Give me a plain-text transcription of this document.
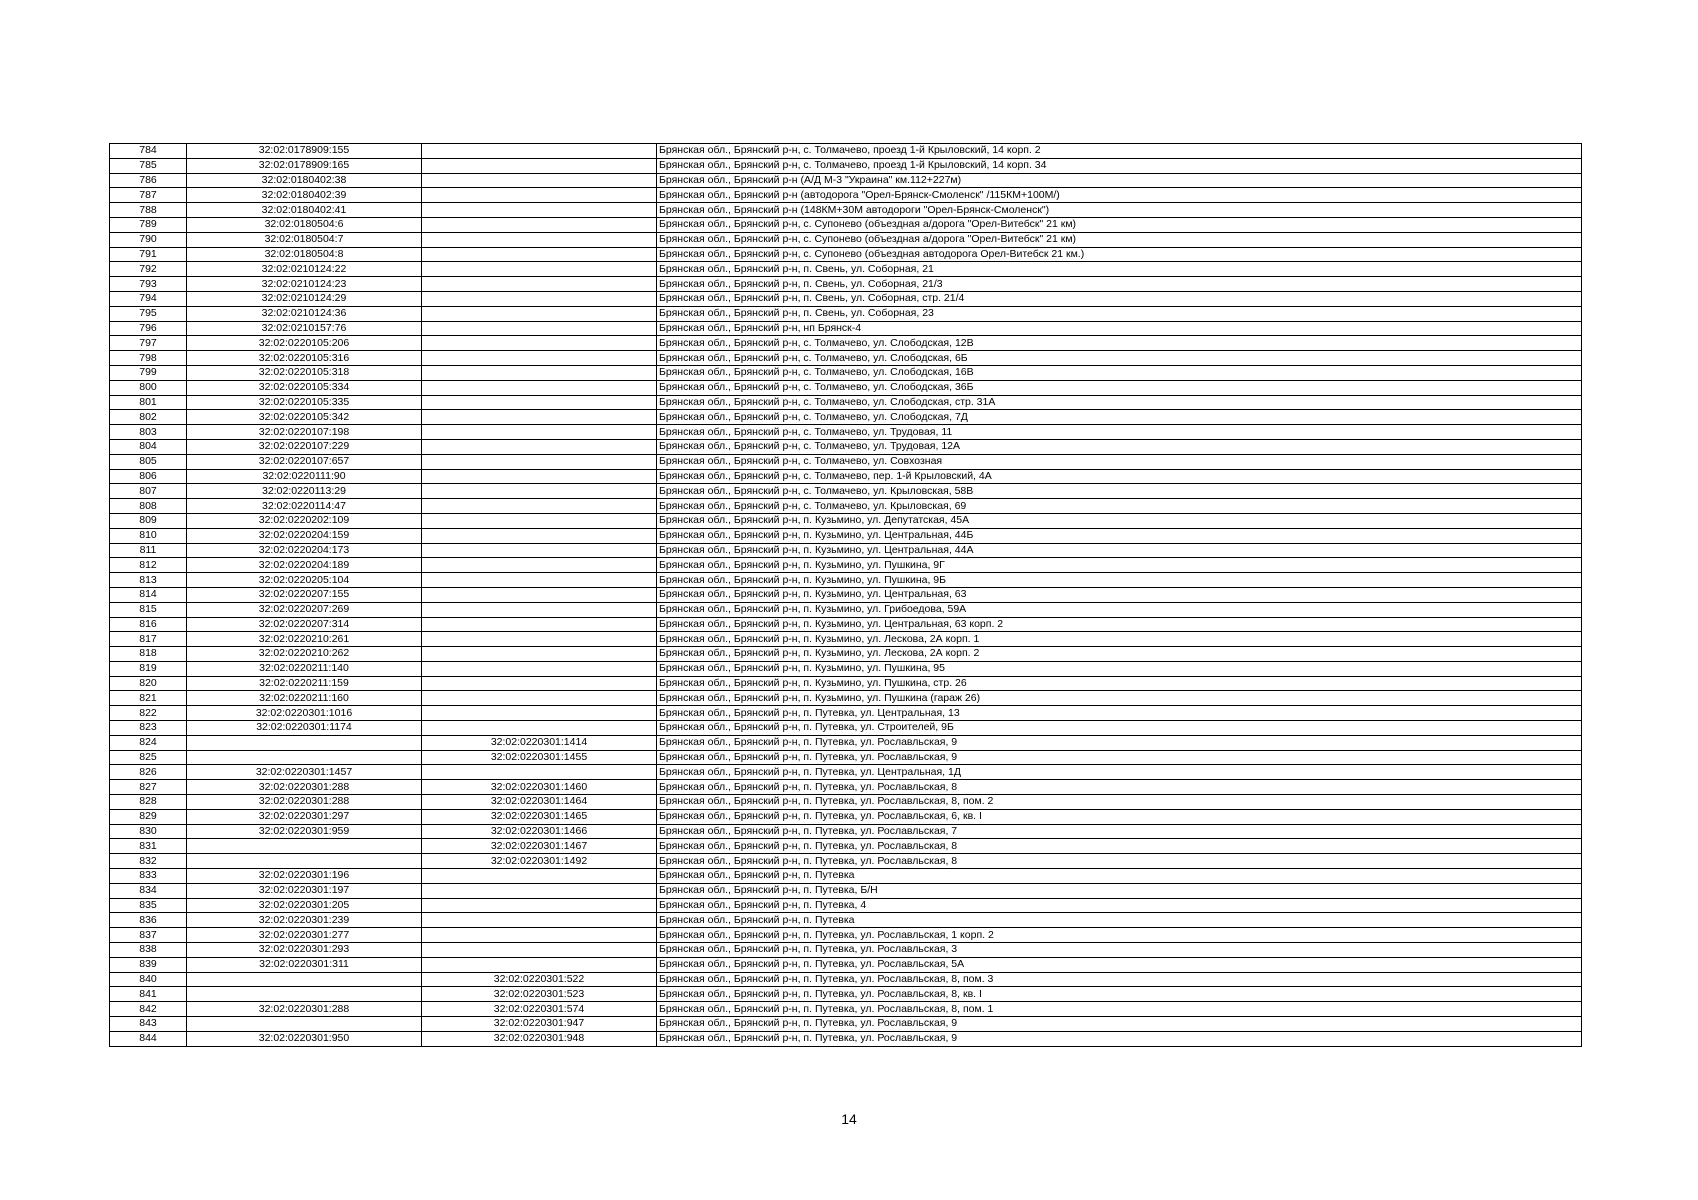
784	32:02:0178909:155		Брянская обл., Брянский р-н, с. Толмачево, проезд 1-й Крыловский, 14 корп. 2
785	32:02:0178909:165		Брянская обл., Брянский р-н, с. Толмачево, проезд 1-й Крыловский, 14 корп. 34
786	32:02:0180402:38		Брянская обл., Брянский р-н (А/Д М-3 "Украина" км.112+227м)
787	32:02:0180402:39		Брянская обл., Брянский р-н (автодорога "Орел-Брянск-Смоленск" /115КМ+100М/)
788	32:02:0180402:41		Брянская обл., Брянский р-н (148КМ+30М автодороги "Орел-Брянск-Смоленск")
789	32:02:0180504:6		Брянская обл., Брянский р-н, с. Супонево (объездная а/дорога "Орел-Витебск" 21 км)
790	32:02:0180504:7		Брянская обл., Брянский р-н, с. Супонево (объездная а/дорога "Орел-Витебск" 21 км)
791	32:02:0180504:8		Брянская обл., Брянский р-н, с. Супонево (объездная автодорога Орел-Витебск 21 км.)
792	32:02:0210124:22		Брянская обл., Брянский р-н, п. Свень, ул. Соборная, 21
793	32:02:0210124:23		Брянская обл., Брянский р-н, п. Свень, ул. Соборная, 21/3
794	32:02:0210124:29		Брянская обл., Брянский р-н, п. Свень, ул. Соборная, стр. 21/4
795	32:02:0210124:36		Брянская обл., Брянский р-н, п. Свень, ул. Соборная, 23
796	32:02:0210157:76		Брянская обл., Брянский р-н, нп Брянск-4
797	32:02:0220105:206		Брянская обл., Брянский р-н, с. Толмачево, ул. Слободская, 12В
798	32:02:0220105:316		Брянская обл., Брянский р-н, с. Толмачево, ул. Слободская, 6Б
799	32:02:0220105:318		Брянская обл., Брянский р-н, с. Толмачево, ул. Слободская, 16В
800	32:02:0220105:334		Брянская обл., Брянский р-н, с. Толмачево, ул. Слободская, 36Б
801	32:02:0220105:335		Брянская обл., Брянский р-н, с. Толмачево, ул. Слободская, стр. 31А
802	32:02:0220105:342		Брянская обл., Брянский р-н, с. Толмачево, ул. Слободская, 7Д
803	32:02:0220107:198		Брянская обл., Брянский р-н, с. Толмачево, ул. Трудовая, 11
804	32:02:0220107:229		Брянская обл., Брянский р-н, с. Толмачево, ул. Трудовая, 12А
805	32:02:0220107:657		Брянская обл., Брянский р-н, с. Толмачево, ул. Совхозная
806	32:02:0220111:90		Брянская обл., Брянский р-н, с. Толмачево, пер. 1-й Крыловский, 4А
807	32:02:0220113:29		Брянская обл., Брянский р-н, с. Толмачево, ул. Крыловская, 58В
808	32:02:0220114:47		Брянская обл., Брянский р-н, с. Толмачево, ул. Крыловская, 69
809	32:02:0220202:109		Брянская обл., Брянский р-н, п. Кузьмино, ул. Депутатская, 45А
810	32:02:0220204:159		Брянская обл., Брянский р-н, п. Кузьмино, ул. Центральная, 44Б
811	32:02:0220204:173		Брянская обл., Брянский р-н, п. Кузьмино, ул. Центральная, 44А
812	32:02:0220204:189		Брянская обл., Брянский р-н, п. Кузьмино, ул. Пушкина, 9Г
813	32:02:0220205:104		Брянская обл., Брянский р-н, п. Кузьмино, ул. Пушкина, 9Б
814	32:02:0220207:155		Брянская обл., Брянский р-н, п. Кузьмино, ул. Центральная, 63
815	32:02:0220207:269		Брянская обл., Брянский р-н, п. Кузьмино, ул. Грибоедова, 59А
816	32:02:0220207:314		Брянская обл., Брянский р-н, п. Кузьмино, ул. Центральная, 63 корп. 2
817	32:02:0220210:261		Брянская обл., Брянский р-н, п. Кузьмино, ул. Лескова, 2А корп. 1
818	32:02:0220210:262		Брянская обл., Брянский р-н, п. Кузьмино, ул. Лескова, 2А корп. 2
819	32:02:0220211:140		Брянская обл., Брянский р-н, п. Кузьмино, ул. Пушкина, 95
820	32:02:0220211:159		Брянская обл., Брянский р-н, п. Кузьмино, ул. Пушкина, стр. 26
821	32:02:0220211:160		Брянская обл., Брянский р-н, п. Кузьмино, ул. Пушкина (гараж 26)
822	32:02:0220301:1016		Брянская обл., Брянский р-н, п. Путевка, ул. Центральная, 13
823	32:02:0220301:1174		Брянская обл., Брянский р-н, п. Путевка, ул. Строителей, 9Б
824		32:02:0220301:1414	Брянская обл., Брянский р-н, п. Путевка, ул. Рославльская, 9
825		32:02:0220301:1455	Брянская обл., Брянский р-н, п. Путевка, ул. Рославльская, 9
826	32:02:0220301:1457		Брянская обл., Брянский р-н, п. Путевка, ул. Центральная, 1Д
827	32:02:0220301:288	32:02:0220301:1460	Брянская обл., Брянский р-н, п. Путевка, ул. Рославльская, 8
828	32:02:0220301:288	32:02:0220301:1464	Брянская обл., Брянский р-н, п. Путевка, ул. Рославльская, 8, пом. 2
829	32:02:0220301:297	32:02:0220301:1465	Брянская обл., Брянский р-н, п. Путевка, ул. Рославльская, 6, кв. I
830	32:02:0220301:959	32:02:0220301:1466	Брянская обл., Брянский р-н, п. Путевка, ул. Рославльская, 7
831		32:02:0220301:1467	Брянская обл., Брянский р-н, п. Путевка, ул. Рославльская, 8
832		32:02:0220301:1492	Брянская обл., Брянский р-н, п. Путевка, ул. Рославльская, 8
833	32:02:0220301:196		Брянская обл., Брянский р-н, п. Путевка
834	32:02:0220301:197		Брянская обл., Брянский р-н, п. Путевка, Б/Н
835	32:02:0220301:205		Брянская обл., Брянский р-н, п. Путевка, 4
836	32:02:0220301:239		Брянская обл., Брянский р-н, п. Путевка
837	32:02:0220301:277		Брянская обл., Брянский р-н, п. Путевка, ул. Рославльская, 1 корп. 2
838	32:02:0220301:293		Брянская обл., Брянский р-н, п. Путевка, ул. Рославльская, 3
839	32:02:0220301:311		Брянская обл., Брянский р-н, п. Путевка, ул. Рославльская, 5А
840		32:02:0220301:522	Брянская обл., Брянский р-н, п. Путевка, ул. Рославльская, 8, пом. 3
841		32:02:0220301:523	Брянская обл., Брянский р-н, п. Путевка, ул. Рославльская, 8, кв. I
842	32:02:0220301:288	32:02:0220301:574	Брянская обл., Брянский р-н, п. Путевка, ул. Рославльская, 8, пом. 1
843		32:02:0220301:947	Брянская обл., Брянский р-н, п. Путевка, ул. Рославльская, 9
844	32:02:0220301:950	32:02:0220301:948	Брянская обл., Брянский р-н, п. Путевка, ул. Рославльская, 9
14
